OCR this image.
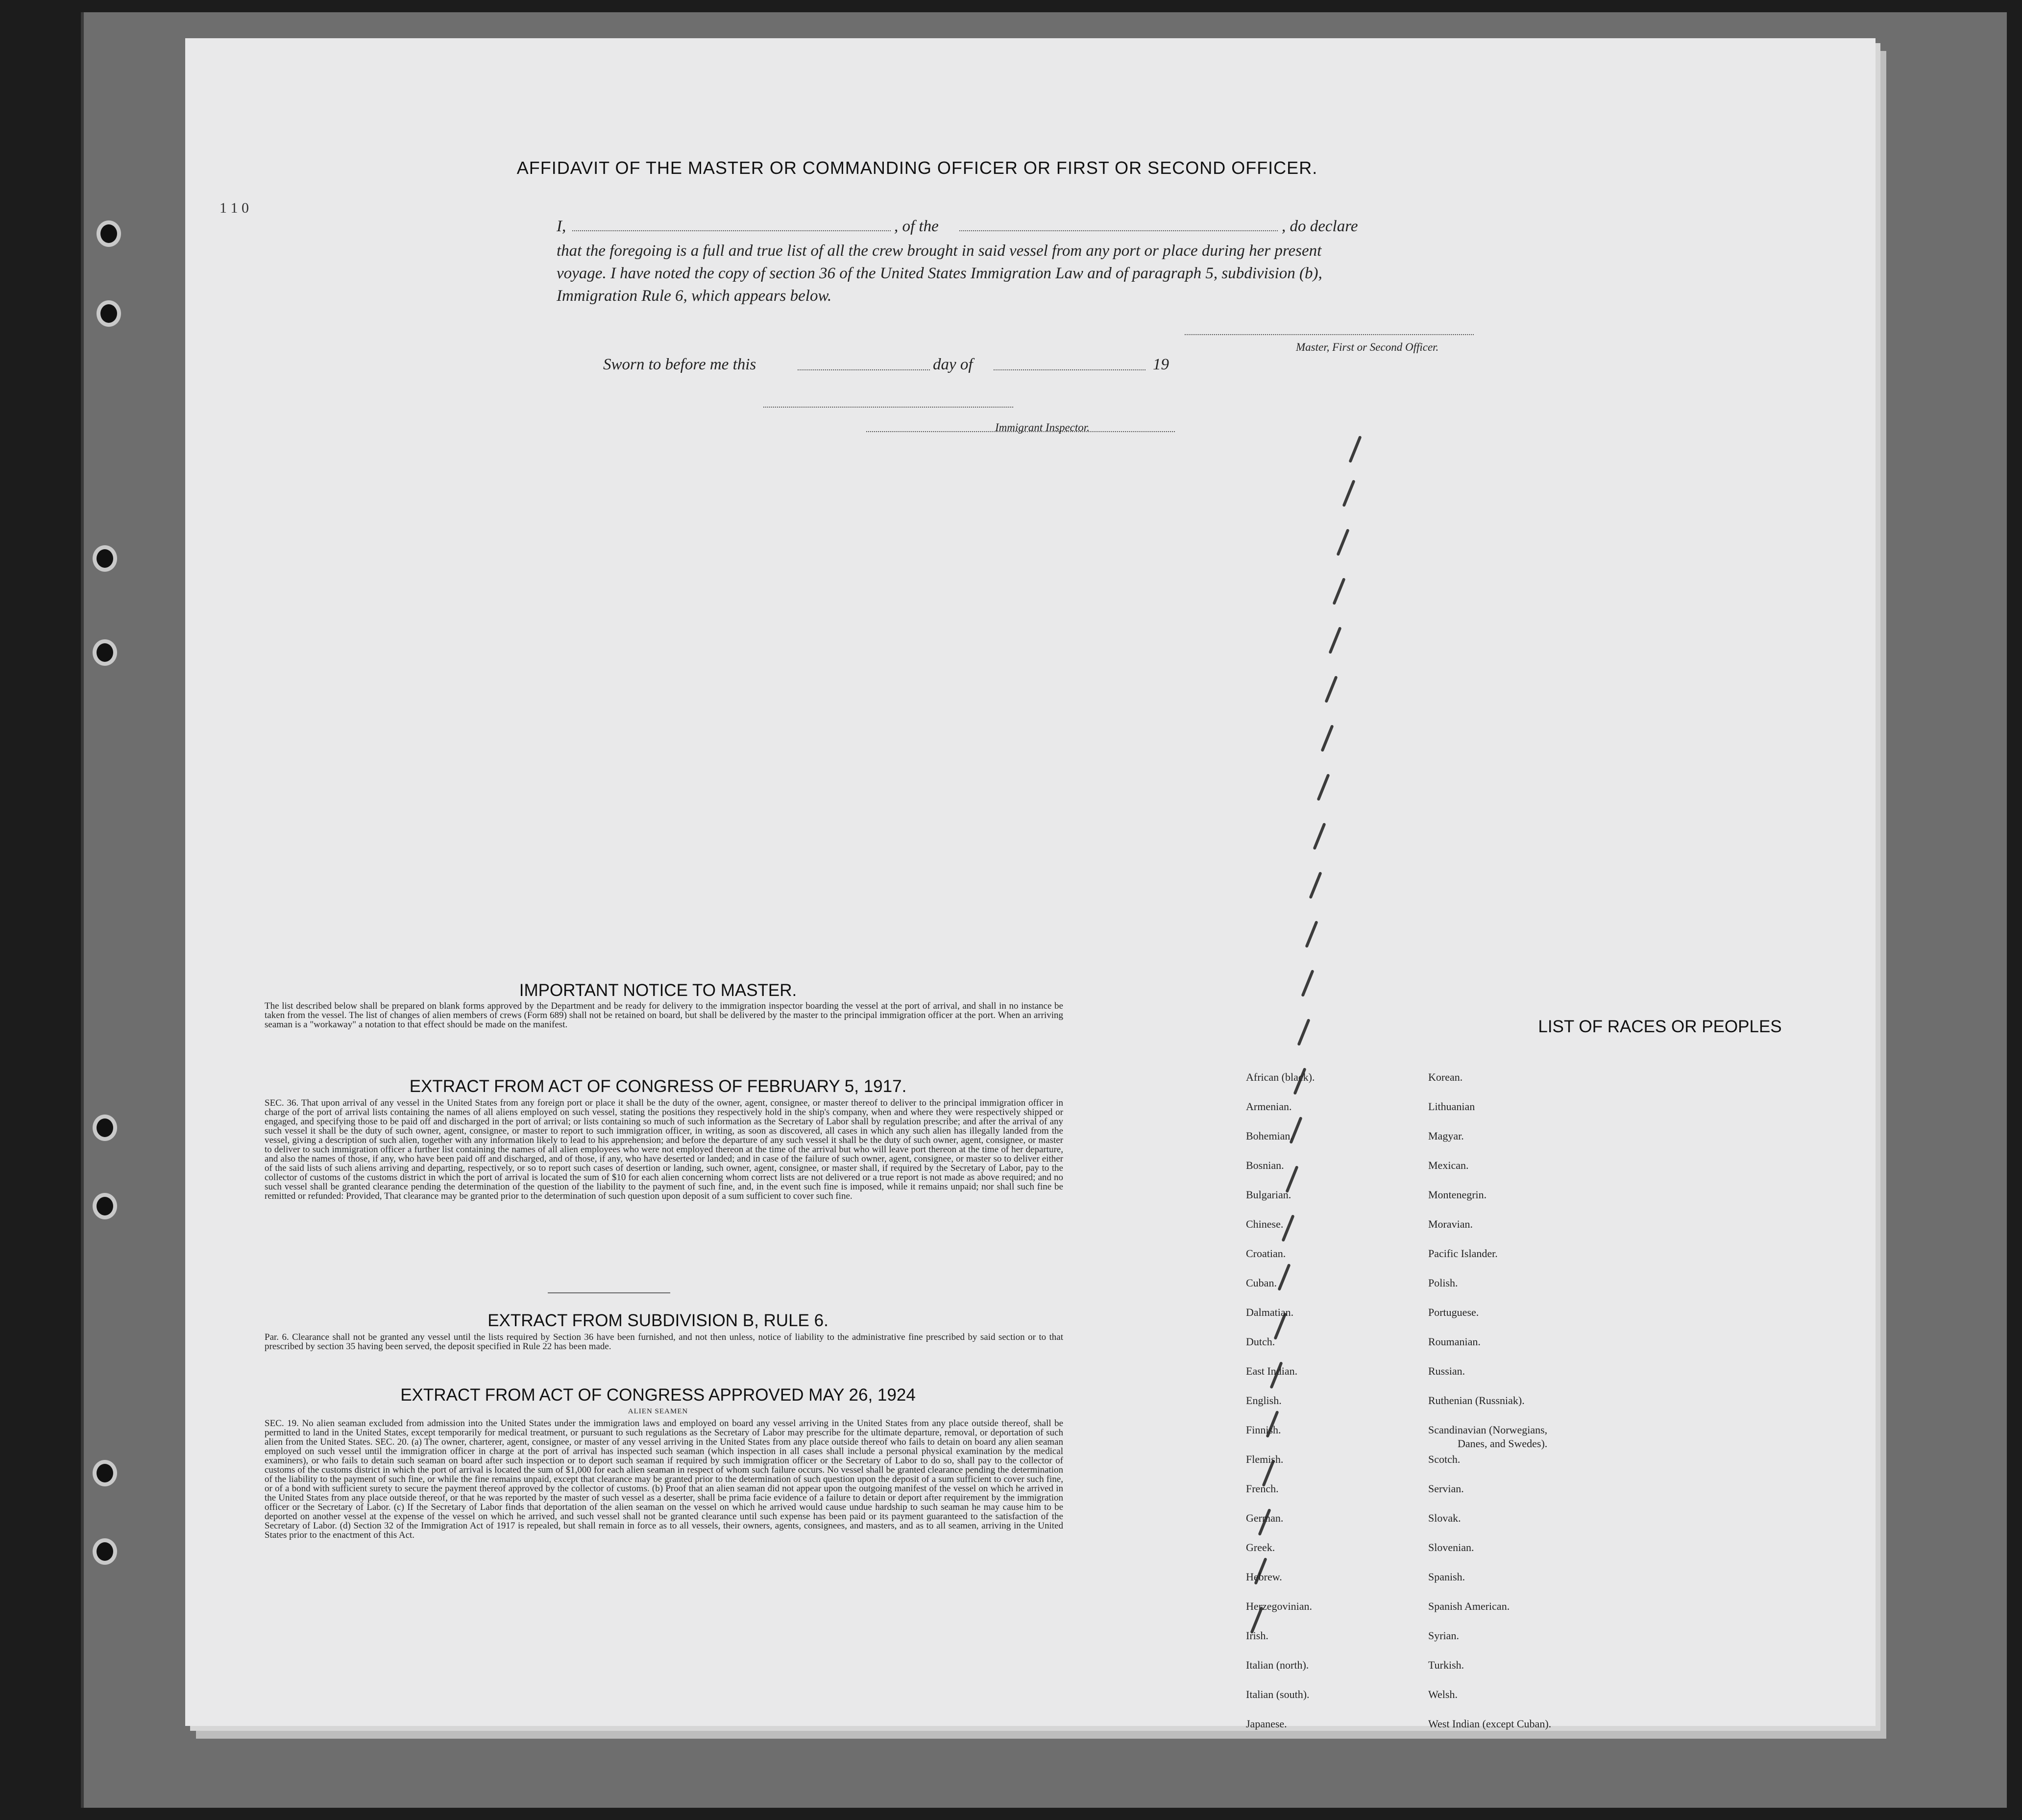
1 1 0
AFFIDAVIT OF THE MASTER OR COMMANDING OFFICER OR FIRST OR SECOND OFFICER.
I,	, of the	, do declare
that the foregoing is a full and true list of all the crew brought in said vessel from any port or place during her present
voyage. I have noted the copy of section 36 of the United States Immigration Law and of paragraph 5, subdivision (b),
Immigration Rule 6, which appears below.
Master, First or Second Officer.
Sworn to before me this	day of	19
Immigrant Inspector.
IMPORTANT NOTICE TO MASTER.
The list described below shall be prepared on blank forms approved by the Department and be ready for delivery to the immigration inspector boarding the vessel at the port of arrival, and shall in no instance be taken from the vessel. The list of changes of alien members of crews (Form 689) shall not be retained on board, but shall be delivered by the master to the principal immigration officer at the port. When an arriving seaman is a "workaway" a notation to that effect should be made on the manifest.
EXTRACT FROM ACT OF CONGRESS OF FEBRUARY 5, 1917.
SEC. 36. That upon arrival of any vessel in the United States from any foreign port or place it shall be the duty of the owner, agent, consignee, or master thereof to deliver to the principal immigration officer in charge of the port of arrival lists containing the names of all aliens employed on such vessel, stating the positions they respectively hold in the ship's company, when and where they were respectively shipped or engaged, and specifying those to be paid off and discharged in the port of arrival; or lists containing so much of such information as the Secretary of Labor shall by regulation prescribe; and after the arrival of any such vessel it shall be the duty of such owner, agent, consignee, or master to report to such immigration officer, in writing, as soon as discovered, all cases in which any such alien has illegally landed from the vessel, giving a description of such alien, together with any information likely to lead to his apprehension; and before the departure of any such vessel it shall be the duty of such owner, agent, consignee, or master to deliver to such immigration officer a further list containing the names of all alien employees who were not employed thereon at the time of the arrival but who will leave port thereon at the time of her departure, and also the names of those, if any, who have been paid off and discharged, and of those, if any, who have deserted or landed; and in case of the failure of such owner, agent, consignee, or master so to deliver either of the said lists of such aliens arriving and departing, respectively, or so to report such cases of desertion or landing, such owner, agent, consignee, or master shall, if required by the Secretary of Labor, pay to the collector of customs of the customs district in which the port of arrival is located the sum of $10 for each alien concerning whom correct lists are not delivered or a true report is not made as above required; and no such vessel shall be granted clearance pending the determination of the question of the liability to the payment of such fine, and, in the event such fine is imposed, while it remains unpaid; nor shall such fine be remitted or refunded: Provided, That clearance may be granted prior to the determination of such question upon deposit of a sum sufficient to cover such fine.
EXTRACT FROM SUBDIVISION B, RULE 6.
Par. 6. Clearance shall not be granted any vessel until the lists required by Section 36 have been furnished, and not then unless, notice of liability to the administrative fine prescribed by said section or to that prescribed by section 35 having been served, the deposit specified in Rule 22 has been made.
EXTRACT FROM ACT OF CONGRESS APPROVED MAY 26, 1924
ALIEN SEAMEN
SEC. 19. No alien seaman excluded from admission into the United States under the immigration laws and employed on board any vessel arriving in the United States from any place outside thereof, shall be permitted to land in the United States, except temporarily for medical treatment, or pursuant to such regulations as the Secretary of Labor may prescribe for the ultimate departure, removal, or deportation of such alien from the United States. SEC. 20. (a) The owner, charterer, agent, consignee, or master of any vessel arriving in the United States from any place outside thereof who fails to detain on board any alien seaman employed on such vessel until the immigration officer in charge at the port of arrival has inspected such seaman (which inspection in all cases shall include a personal physical examination by the medical examiners), or who fails to detain such seaman on board after such inspection or to deport such seaman if required by such immigration officer or the Secretary of Labor to do so, shall pay to the collector of customs of the customs district in which the port of arrival is located the sum of $1,000 for each alien seaman in respect of whom such failure occurs. No vessel shall be granted clearance pending the determination of the liability to the payment of such fine, or while the fine remains unpaid, except that clearance may be granted prior to the determination of such question upon the deposit of a sum sufficient to cover such fine, or of a bond with sufficient surety to secure the payment thereof approved by the collector of customs. (b) Proof that an alien seaman did not appear upon the outgoing manifest of the vessel on which he arrived in the United States from any place outside thereof, or that he was reported by the master of such vessel as a deserter, shall be prima facie evidence of a failure to detain or deport after requirement by the immigration officer or the Secretary of Labor. (c) If the Secretary of Labor finds that deportation of the alien seaman on the vessel on which he arrived would cause undue hardship to such seaman he may cause him to be deported on another vessel at the expense of the vessel on which he arrived, and such vessel shall not be granted clearance until such expense has been paid or its payment guaranteed to the satisfaction of the Secretary of Labor. (d) Section 32 of the Immigration Act of 1917 is repealed, but shall remain in force as to all vessels, their owners, agents, consignees, and masters, and as to all seamen, arriving in the United States prior to the enactment of this Act.
LIST OF RACES OR PEOPLES
African (black).
Armenian.
Bohemian.
Bosnian.
Bulgarian.
Chinese.
Croatian.
Cuban.
Dalmatian.
Dutch.
East Indian.
English.
Finnish.
Flemish.
French.
German.
Greek.
Hebrew.
Herzegovinian.
Irish.
Italian (north).
Italian (south).
Japanese.
Korean.
Lithuanian
Magyar.
Mexican.
Montenegrin.
Moravian.
Pacific Islander.
Polish.
Portuguese.
Roumanian.
Russian.
Ruthenian (Russniak).
Scandinavian (Norwegians,
Danes, and Swedes).
Scotch.
Servian.
Slovak.
Slovenian.
Spanish.
Spanish American.
Syrian.
Turkish.
Welsh.
West Indian (except Cuban).
